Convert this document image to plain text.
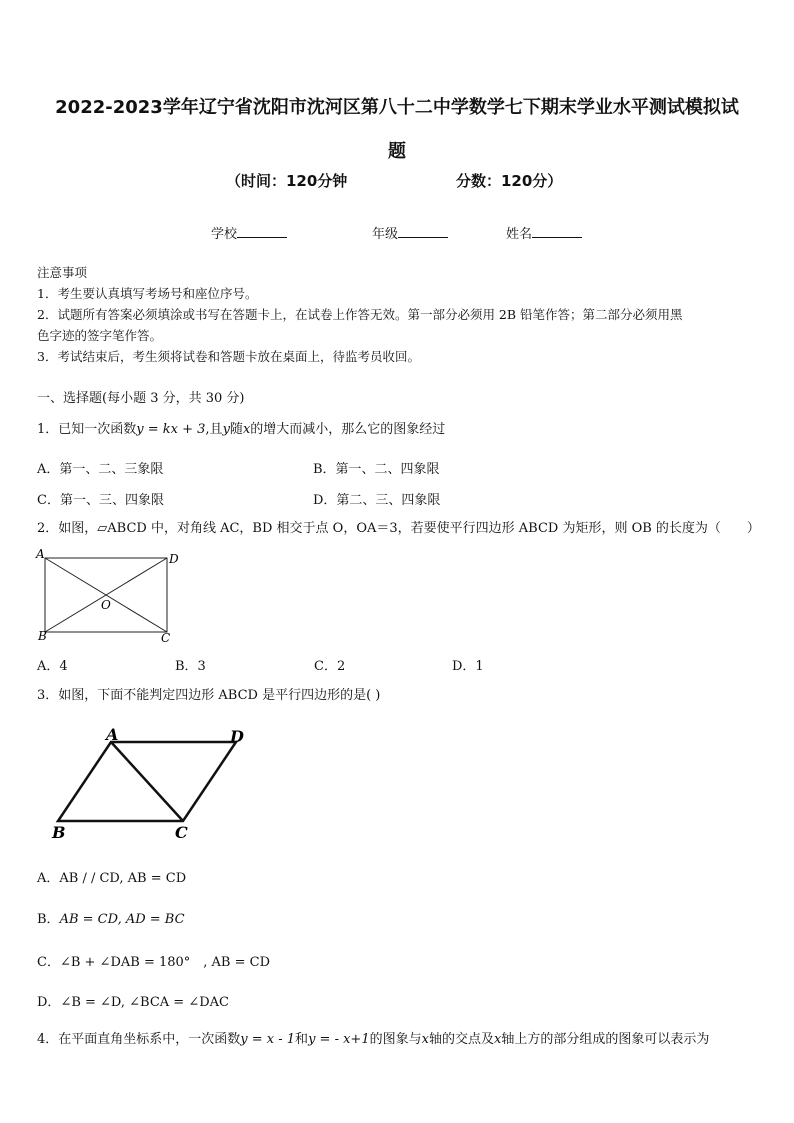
2022-2023学年辽宁省沈阳市沈河区第八十二中学数学七下期末学业水平测试模拟试
题
（时间：120分钟	分数：120分）
学校	年级	姓名
注意事项
1．考生要认真填写考场号和座位序号。
2．试题所有答案必须填涂或书写在答题卡上，在试卷上作答无效。第一部分必须用 2B 铅笔作答；第二部分必须用黑
色字迹的签字笔作答。
3．考试结束后，考生须将试卷和答题卡放在桌面上，待监考员收回。
一、选择题(每小题 3 分，共 30 分)
1．已知一次函数y = kx + 3,且y随x的增大而减小，那么它的图象经过
A．第一、二、三象限	B．第一、二、四象限
C．第一、三、四象限	D．第二、三、四象限
2．如图，▱ABCD 中，对角线 AC，BD 相交于点 O，OA＝3，若要使平行四边形 ABCD 为矩形，则 OB 的长度为（　　）
A	D
B	C
O
A．4	B．3	C．2	D．1
3．如图，下面不能判定四边形 ABCD 是平行四边形的是( )
A	D
B	C
A．AB / / CD, AB = CD
B．AB = CD, AD = BC
C．∠B + ∠DAB = 180°　, AB = CD
D．∠B = ∠D, ∠BCA = ∠DAC
4．在平面直角坐标系中，一次函数y = x - 1和y = - x+1的图象与x轴的交点及x轴上方的部分组成的图象可以表示为
